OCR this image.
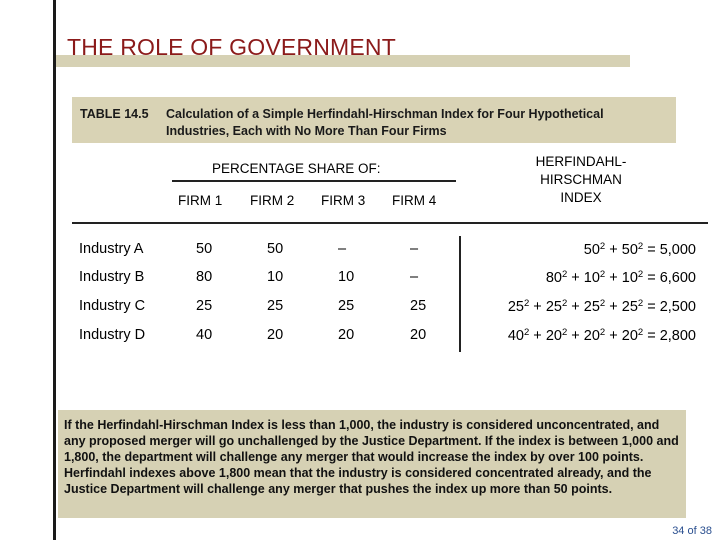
THE ROLE OF GOVERNMENT
TABLE 14.5 Calculation of a Simple Herfindahl-Hirschman Index for Four Hypothetical
Industries, Each with No More Than Four Firms
PERCENTAGE SHARE OF:
FIRM 1 FIRM 2 FIRM 3 FIRM 4
HERFINDAHL-
HIRSCHMAN
INDEX
Industry A	50	50	–	–	$50^2 + 50^2 = 5,000$
Industry B	80	10	10	–	$80^2 + 10^2 + 10^2 = 6,600$
Industry C	25	25	25	25	$25^2 + 25^2 + 25^2 + 25^2 = 2,500$
Industry D	40	20	20	20	$40^2 + 20^2 + 20^2 + 20^2 = 2,800$
If the Herfindahl-Hirschman Index is less than 1,000, the industry is considered unconcentrated, and any proposed merger will go unchallenged by the Justice Department. If the index is between 1,000 and 1,800, the department will challenge any merger that would increase the index by over 100 points. Herfindahl indexes above 1,800 mean that the industry is considered concentrated already, and the Justice Department will challenge any merger that pushes the index up more than 50 points.
34 of 38
